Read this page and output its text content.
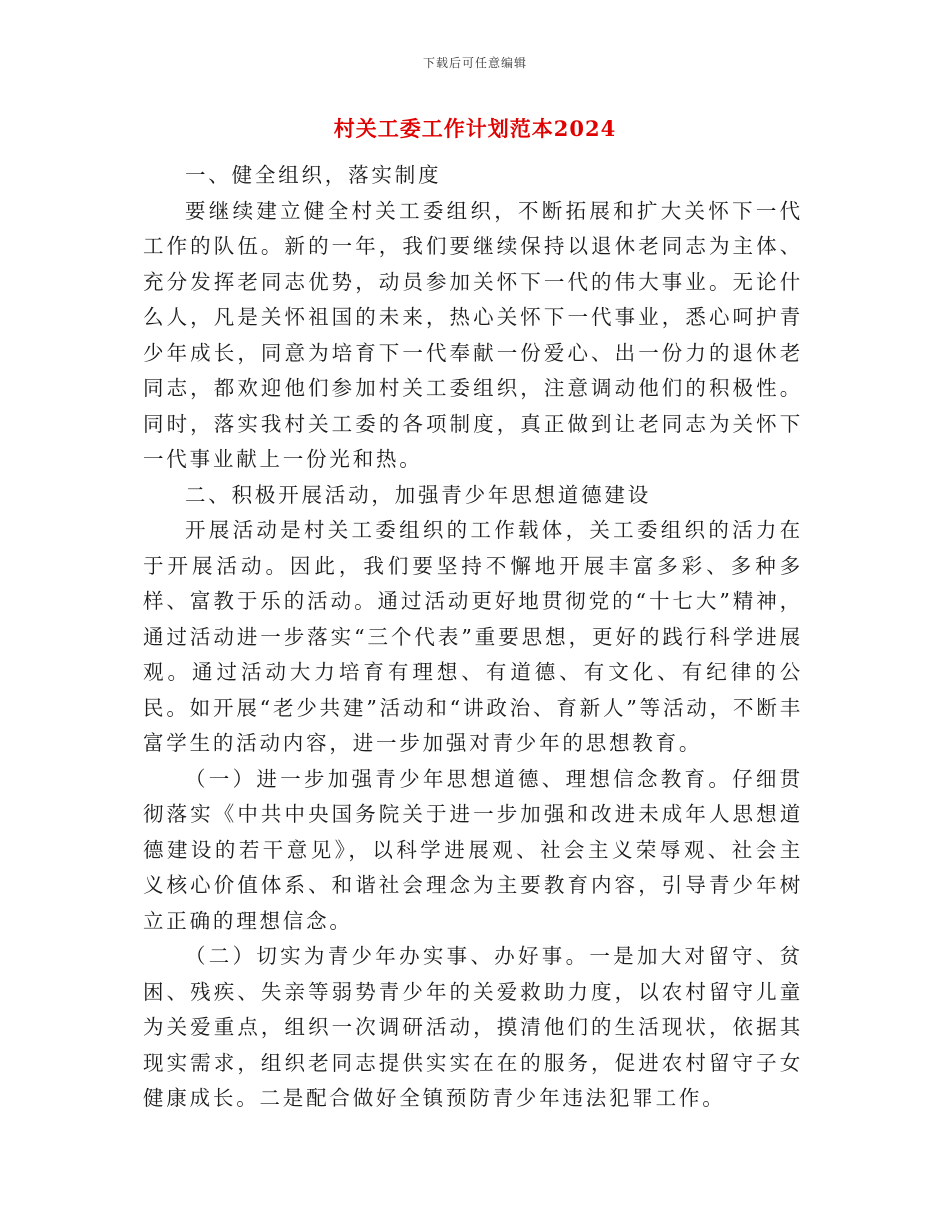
下载后可任意编辑
村关工委工作计划范本2024

一、健全组织，落实制度

要继续建立健全村关工委组织，不断拓展和扩大关怀下一代工作的队伍。新的一年，我们要继续保持以退休老同志为主体、充分发挥老同志优势，动员参加关怀下一代的伟大事业。无论什么人，凡是关怀祖国的未来，热心关怀下一代事业，悉心呵护青少年成长，同意为培育下一代奉献一份爱心、出一份力的退休老同志，都欢迎他们参加村关工委组织，注意调动他们的积极性。同时，落实我村关工委的各项制度，真正做到让老同志为关怀下一代事业献上一份光和热。

二、积极开展活动，加强青少年思想道德建设

开展活动是村关工委组织的工作载体，关工委组织的活力在于开展活动。因此，我们要坚持不懈地开展丰富多彩、多种多样、富教于乐的活动。通过活动更好地贯彻党的“十七大”精神，通过活动进一步落实“三个代表”重要思想，更好的践行科学进展观。通过活动大力培育有理想、有道德、有文化、有纪律的公民。如开展“老少共建”活动和“讲政治、育新人”等活动，不断丰富学生的活动内容，进一步加强对青少年的思想教育。

（一）进一步加强青少年思想道德、理想信念教育。仔细贯彻落实《中共中央国务院关于进一步加强和改进未成年人思想道德建设的若干意见》，以科学进展观、社会主义荣辱观、社会主义核心价值体系、和谐社会理念为主要教育内容，引导青少年树立正确的理想信念。

（二）切实为青少年办实事、办好事。一是加大对留守、贫困、残疾、失亲等弱势青少年的关爱救助力度，以农村留守儿童为关爱重点，组织一次调研活动，摸清他们的生活现状，依据其现实需求，组织老同志提供实实在在的服务，促进农村留守子女健康成长。二是配合做好全镇预防青少年违法犯罪工作。
